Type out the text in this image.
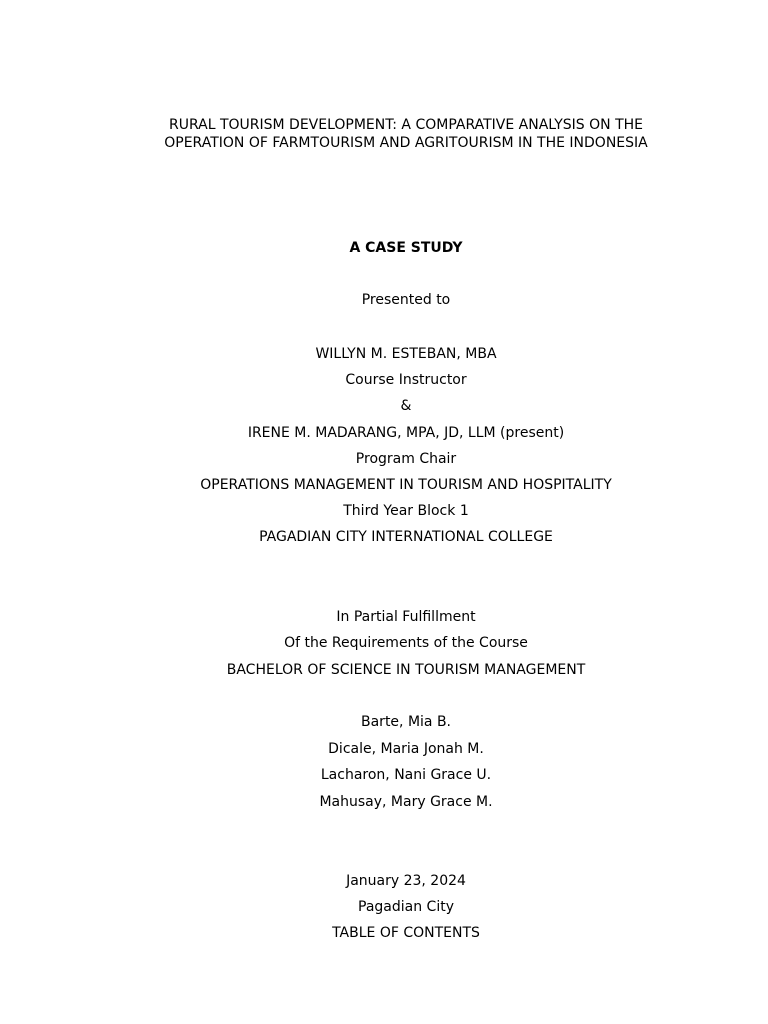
RURAL TOURISM DEVELOPMENT: A COMPARATIVE ANALYSIS ON THE
OPERATION OF FARMTOURISM AND AGRITOURISM IN THE INDONESIA
A CASE STUDY
Presented to
WILLYN M. ESTEBAN, MBA
Course Instructor
&
IRENE M. MADARANG, MPA, JD, LLM (present)
Program Chair
OPERATIONS MANAGEMENT IN TOURISM AND HOSPITALITY
Third Year Block 1
PAGADIAN CITY INTERNATIONAL COLLEGE
In Partial Fulfillment
Of the Requirements of the Course
BACHELOR OF SCIENCE IN TOURISM MANAGEMENT
Barte, Mia B.
Dicale, Maria Jonah M.
Lacharon, Nani Grace U.
Mahusay, Mary Grace M.
January 23, 2024
Pagadian City
TABLE OF CONTENTS
